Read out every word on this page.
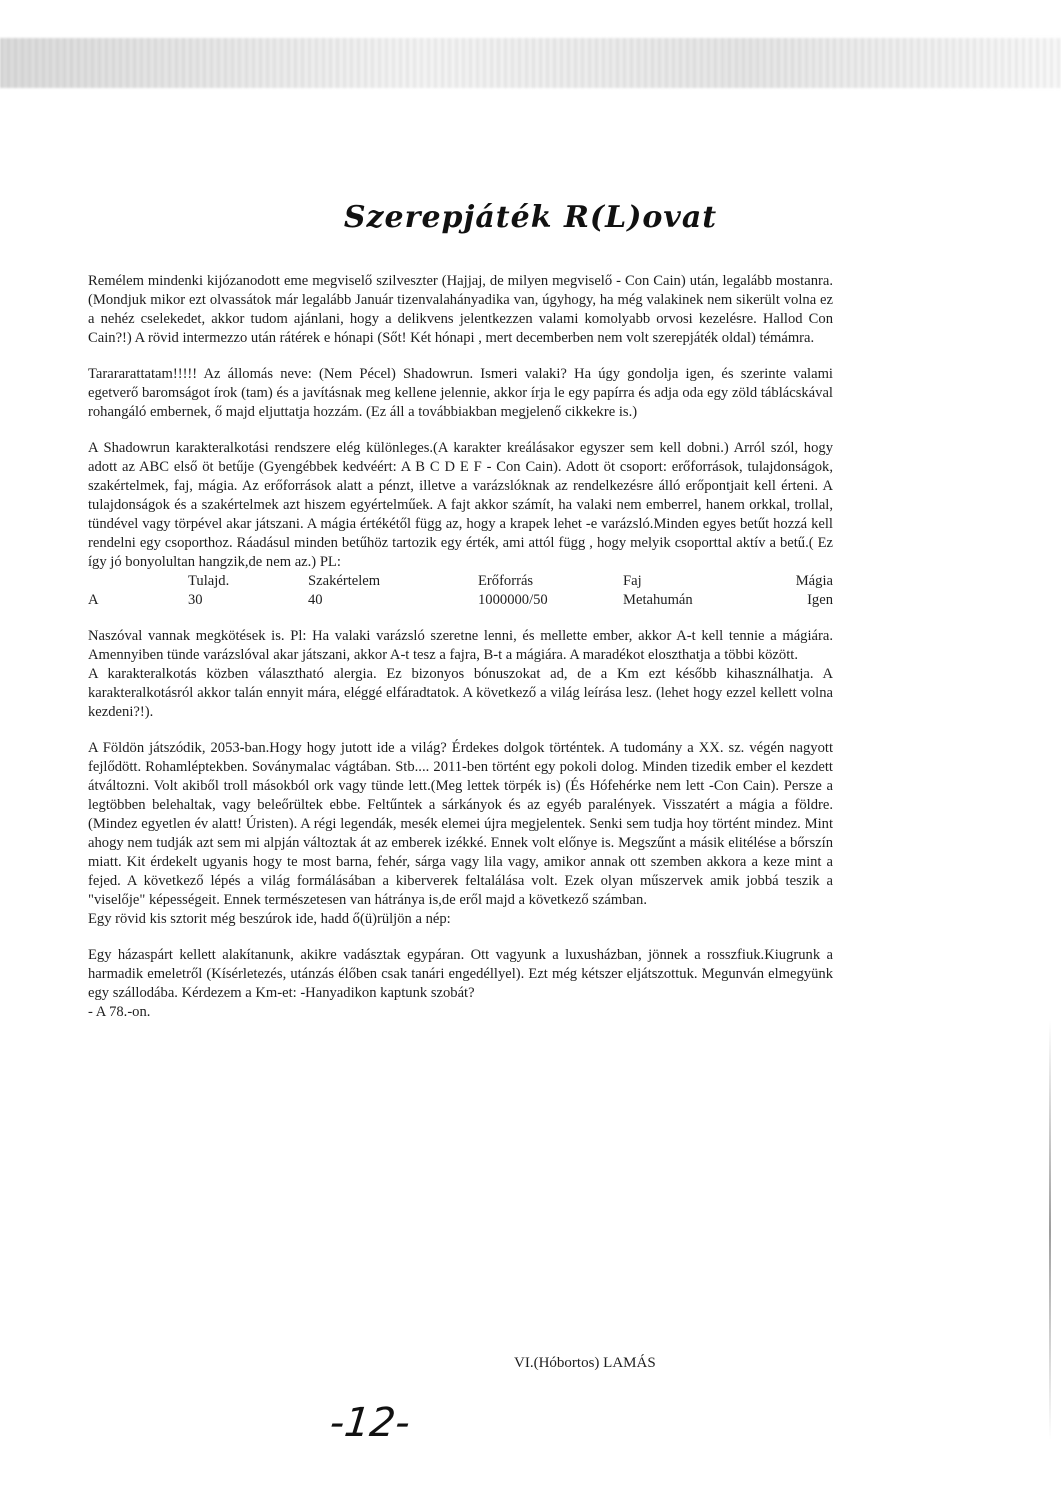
Szerepjáték R(L)ovat

Remélem mindenki kijózanodott eme megviselő szilveszter (Hajjaj, de milyen megviselő - Con Cain) után, legalább mostanra. (Mondjuk mikor ezt olvassátok már legalább Január tizenvalahányadika van, úgyhogy, ha még valakinek nem sikerült volna ez a nehéz cselekedet, akkor tudom ajánlani, hogy a delikvens jelentkezzen valami komolyabb orvosi kezelésre. Hallod Con Cain?!) A rövid intermezzo után rátérek e hónapi (Sőt! Két hónapi , mert decemberben nem volt szerepjáték oldal) témámra.

Tarararattatam!!!!! Az állomás neve: (Nem Pécel) Shadowrun. Ismeri valaki? Ha úgy gondolja igen, és szerinte valami egetverő baromságot írok (tam) és a javításnak meg kellene jelennie, akkor írja le egy papírra és adja oda egy zöld táblácskával rohangáló embernek, ő majd eljuttatja hozzám. (Ez áll a továbbiakban megjelenő cikkekre is.)

A Shadowrun karakteralkotási rendszere elég különleges.(A karakter kreálásakor egyszer sem kell dobni.) Arról szól, hogy adott az ABC első öt betűje (Gyengébbek kedvéért: A B C D E F - Con Cain). Adott öt csoport: erőforrások, tulajdonságok, szakértelmek, faj, mágia. Az erőforrások alatt a pénzt, illetve a varázslóknak az rendelkezésre álló erőpontjait kell érteni. A tulajdonságok és a szakértelmek azt hiszem egyértelműek. A fajt akkor számít, ha valaki nem emberrel, hanem orkkal, trollal, tündével vagy törpével akar játszani. A mágia értékétől függ az, hogy a krapek lehet -e varázsló.Minden egyes betűt hozzá kell rendelni egy csoporthoz. Ráadásul minden betűhöz tartozik egy érték, ami attól függ , hogy melyik csoporttal aktív a betű.( Ez így jó bonyolultan hangzik,de nem az.) PL:

	Tulajd.	Szakértelem	Erőforrás	Faj	Mágia
A	30	40	1000000/50	Metahumán	Igen

Naszóval vannak megkötések is. Pl: Ha valaki varázsló szeretne lenni, és mellette ember, akkor A-t kell tennie a mágiára. Amennyiben tünde varázslóval akar játszani, akkor A-t tesz a fajra, B-t a mágiára. A maradékot eloszthatja a többi között.

A karakteralkotás közben választható alergia. Ez bizonyos bónuszokat ad, de a Km ezt később kihasználhatja. A karakteralkotásról akkor talán ennyit mára, eléggé elfáradtatok. A következő a világ leírása lesz. (lehet hogy ezzel kellett volna kezdeni?!).

A Földön játszódik, 2053-ban.Hogy hogy jutott ide a világ? Érdekes dolgok történtek. A tudomány a XX. sz. végén nagyott fejlődött. Rohamléptekben. Soványmalac vágtában. Stb.... 2011-ben történt egy pokoli dolog. Minden tizedik ember el kezdett átváltozni. Volt akiből troll másokból ork vagy tünde lett.(Meg lettek törpék is) (És Hófehérke nem lett -Con Cain). Persze a legtöbben belehaltak, vagy beleőrültek ebbe. Feltűntek a sárkányok és az egyéb paralények. Visszatért a mágia a földre.(Mindez egyetlen év alatt! Úristen). A régi legendák, mesék elemei újra megjelentek. Senki sem tudja hoy történt mindez. Mint ahogy nem tudják azt sem mi alpján változtak át az emberek izékké. Ennek volt előnye is. Megszűnt a másik elitélése a bőrszín miatt. Kit érdekelt ugyanis hogy te most barna, fehér, sárga vagy lila vagy, amikor annak ott szemben akkora a keze mint a fejed. A következő lépés a világ formálásában a kiberverek feltalálása volt. Ezek olyan műszervek amik jobbá teszik a "viselője" képességeit. Ennek természetesen van hátránya is,de eről majd a következő számban.

Egy rövid kis sztorit még beszúrok ide, hadd ő(ü)rüljön a nép:

Egy házaspárt kellett alakítanunk, akikre vadásztak egypáran. Ott vagyunk a luxusházban, jönnek a rosszfiuk.Kiugrunk a harmadik emeletről (Kísérletezés, utánzás élőben csak tanári engedéllyel). Ezt még kétszer eljátszottuk. Megunván elmegyünk egy szállodába. Kérdezem a Km-et: -Hanyadikon kaptunk szobát?

- A 78.-on.

VI.(Hóbortos) LAMÁS
-12-
